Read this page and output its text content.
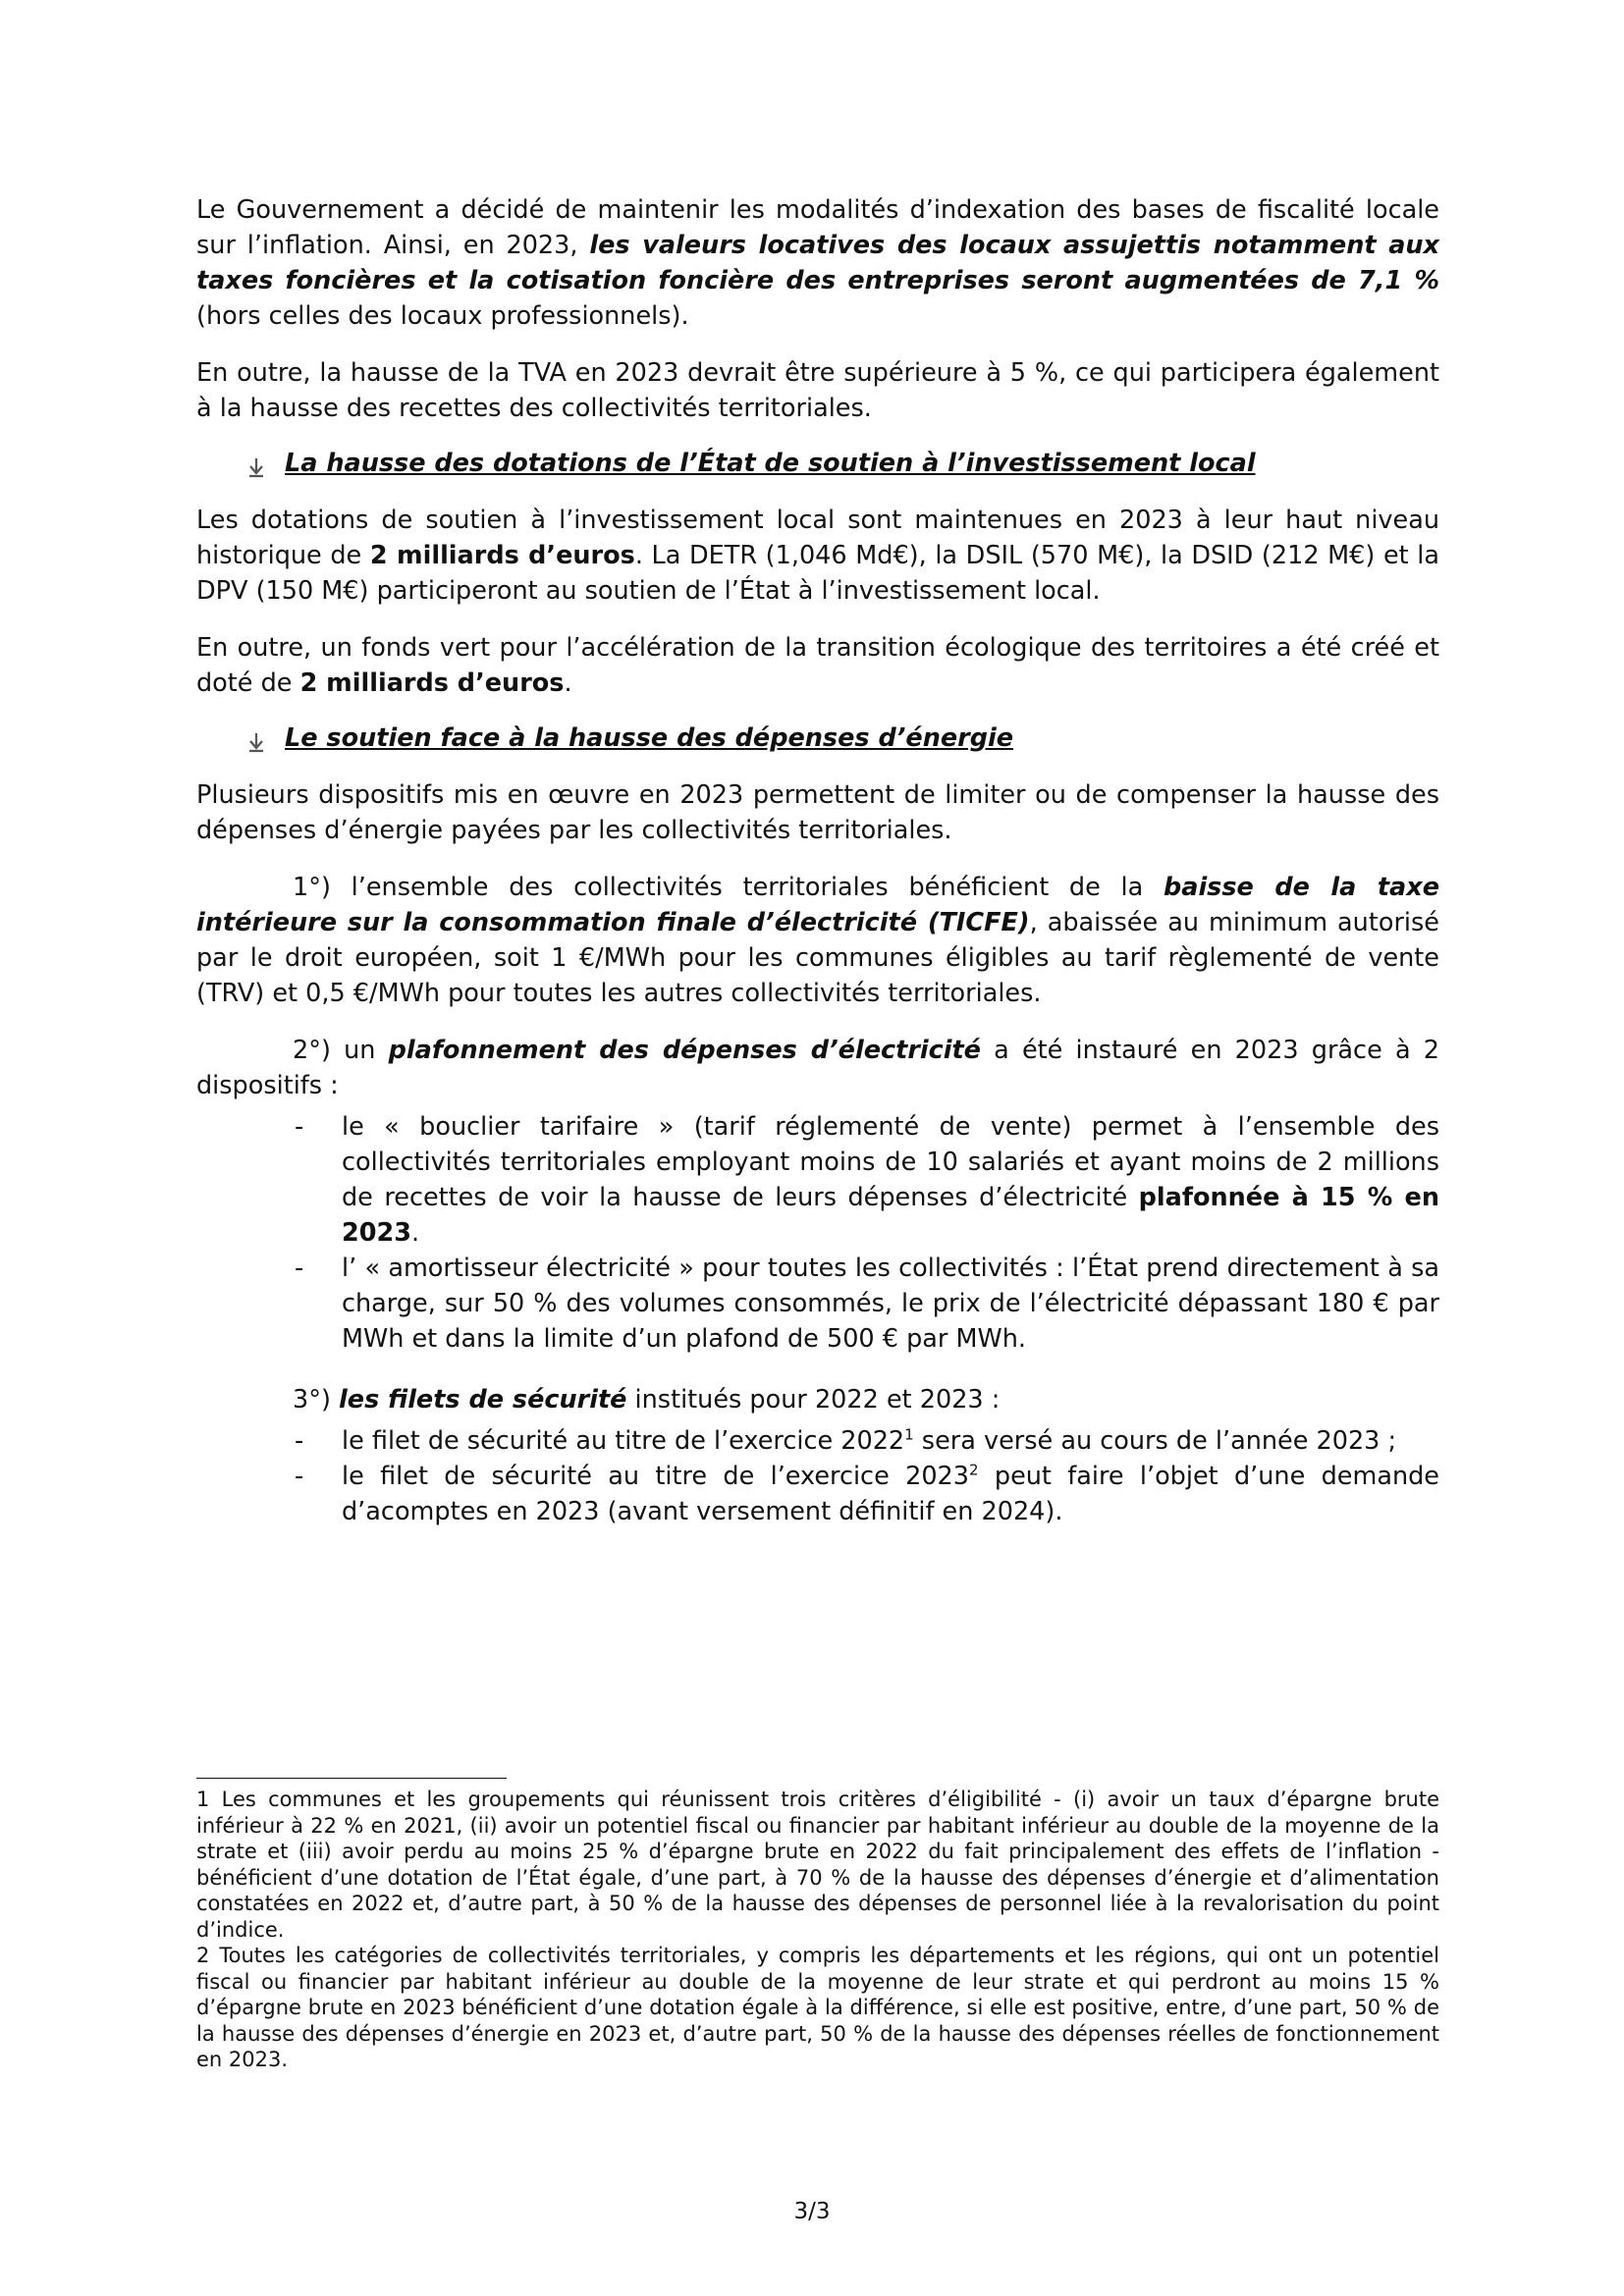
Le Gouvernement a décidé de maintenir les modalités d’indexation des bases de fiscalité locale sur l’inflation. Ainsi, en 2023, les valeurs locatives des locaux assujettis notamment aux taxes foncières et la cotisation foncière des entreprises seront augmentées de 7,1 % (hors celles des locaux professionnels).

En outre, la hausse de la TVA en 2023 devrait être supérieure à 5 %, ce qui participera également à la hausse des recettes des collectivités territoriales.

La hausse des dotations de l’État de soutien à l’investissement local

Les dotations de soutien à l’investissement local sont maintenues en 2023 à leur haut niveau historique de 2 milliards d’euros. La DETR (1,046 Md€), la DSIL (570 M€), la DSID (212 M€) et la DPV (150 M€) participeront au soutien de l’État à l’investissement local.

En outre, un fonds vert pour l’accélération de la transition écologique des territoires a été créé et doté de 2 milliards d’euros.

Le soutien face à la hausse des dépenses d’énergie

Plusieurs dispositifs mis en œuvre en 2023 permettent de limiter ou de compenser la hausse des dépenses d’énergie payées par les collectivités territoriales.

1°) l’ensemble des collectivités territoriales bénéficient de la baisse de la taxe intérieure sur la consommation finale d’électricité (TICFE), abaissée au minimum autorisé par le droit européen, soit 1 €/MWh pour les communes éligibles au tarif règlementé de vente (TRV) et 0,5 €/MWh pour toutes les autres collectivités territoriales.

2°) un plafonnement des dépenses d’électricité a été instauré en 2023 grâce à 2 dispositifs :

- le « bouclier tarifaire » (tarif réglementé de vente) permet à l’ensemble des collectivités territoriales employant moins de 10 salariés et ayant moins de 2 millions de recettes de voir la hausse de leurs dépenses d’électricité plafonnée à 15 % en 2023.
- l’ « amortisseur électricité » pour toutes les collectivités : l’État prend directement à sa charge, sur 50 % des volumes consommés, le prix de l’électricité dépassant 180 € par MWh et dans la limite d’un plafond de 500 € par MWh.

3°) les filets de sécurité institués pour 2022 et 2023 :

- le filet de sécurité au titre de l’exercice 2022$^1$ sera versé au cours de l’année 2023 ;
- le filet de sécurité au titre de l’exercice 2023$^2$ peut faire l’objet d’une demande d’acomptes en 2023 (avant versement définitif en 2024).

1 Les communes et les groupements qui réunissent trois critères d’éligibilité - (i) avoir un taux d’épargne brute inférieur à 22 % en 2021, (ii) avoir un potentiel fiscal ou financier par habitant inférieur au double de la moyenne de la strate et (iii) avoir perdu au moins 25 % d’épargne brute en 2022 du fait principalement des effets de l’inflation - bénéficient d’une dotation de l’État égale, d’une part, à 70 % de la hausse des dépenses d’énergie et d’alimentation constatées en 2022 et, d’autre part, à 50 % de la hausse des dépenses de personnel liée à la revalorisation du point d’indice.

2 Toutes les catégories de collectivités territoriales, y compris les départements et les régions, qui ont un potentiel fiscal ou financier par habitant inférieur au double de la moyenne de leur strate et qui perdront au moins 15 % d’épargne brute en 2023 bénéficient d’une dotation égale à la différence, si elle est positive, entre, d’une part, 50 % de la hausse des dépenses d’énergie en 2023 et, d’autre part, 50 % de la hausse des dépenses réelles de fonctionnement en 2023.

3/3
